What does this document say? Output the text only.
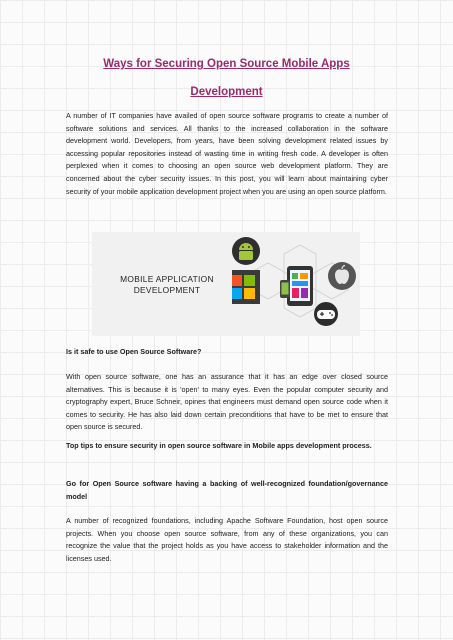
Ways for Securing Open Source Mobile Apps
Development

A number of IT companies have availed of open source software programs to create a number of software solutions and services. All thanks to the increased collaboration in the software development world. Developers, from years, have been solving development related issues by accessing popular repositories instead of wasting time in writing fresh code. A developer is often perplexed when it comes to choosing an open source web development platform. They are concerned about the cyber security issues. In this post, you will learn about maintaining cyber security of your mobile application development project when you are using an open source platform.

MOBILE APPLICATION
DEVELOPMENT

Is it safe to use Open Source Software?

With open source software, one has an assurance that it has an edge over closed source alternatives. This is because it is 'open' to many eyes. Even the popular computer security and cryptography expert, Bruce Schneir, opines that engineers must demand open source code when it comes to security. He has also laid down certain preconditions that have to be met to ensure that open source is secured.

Top tips to ensure security in open source software in Mobile apps development process.

Go for Open Source software having a backing of well-recognized foundation/governance model

A number of recognized foundations, including Apache Software Foundation, host open source projects. When you choose open source software, from any of these organizations, you can recognize the value that the project holds as you have access to stakeholder information and the licenses used.
